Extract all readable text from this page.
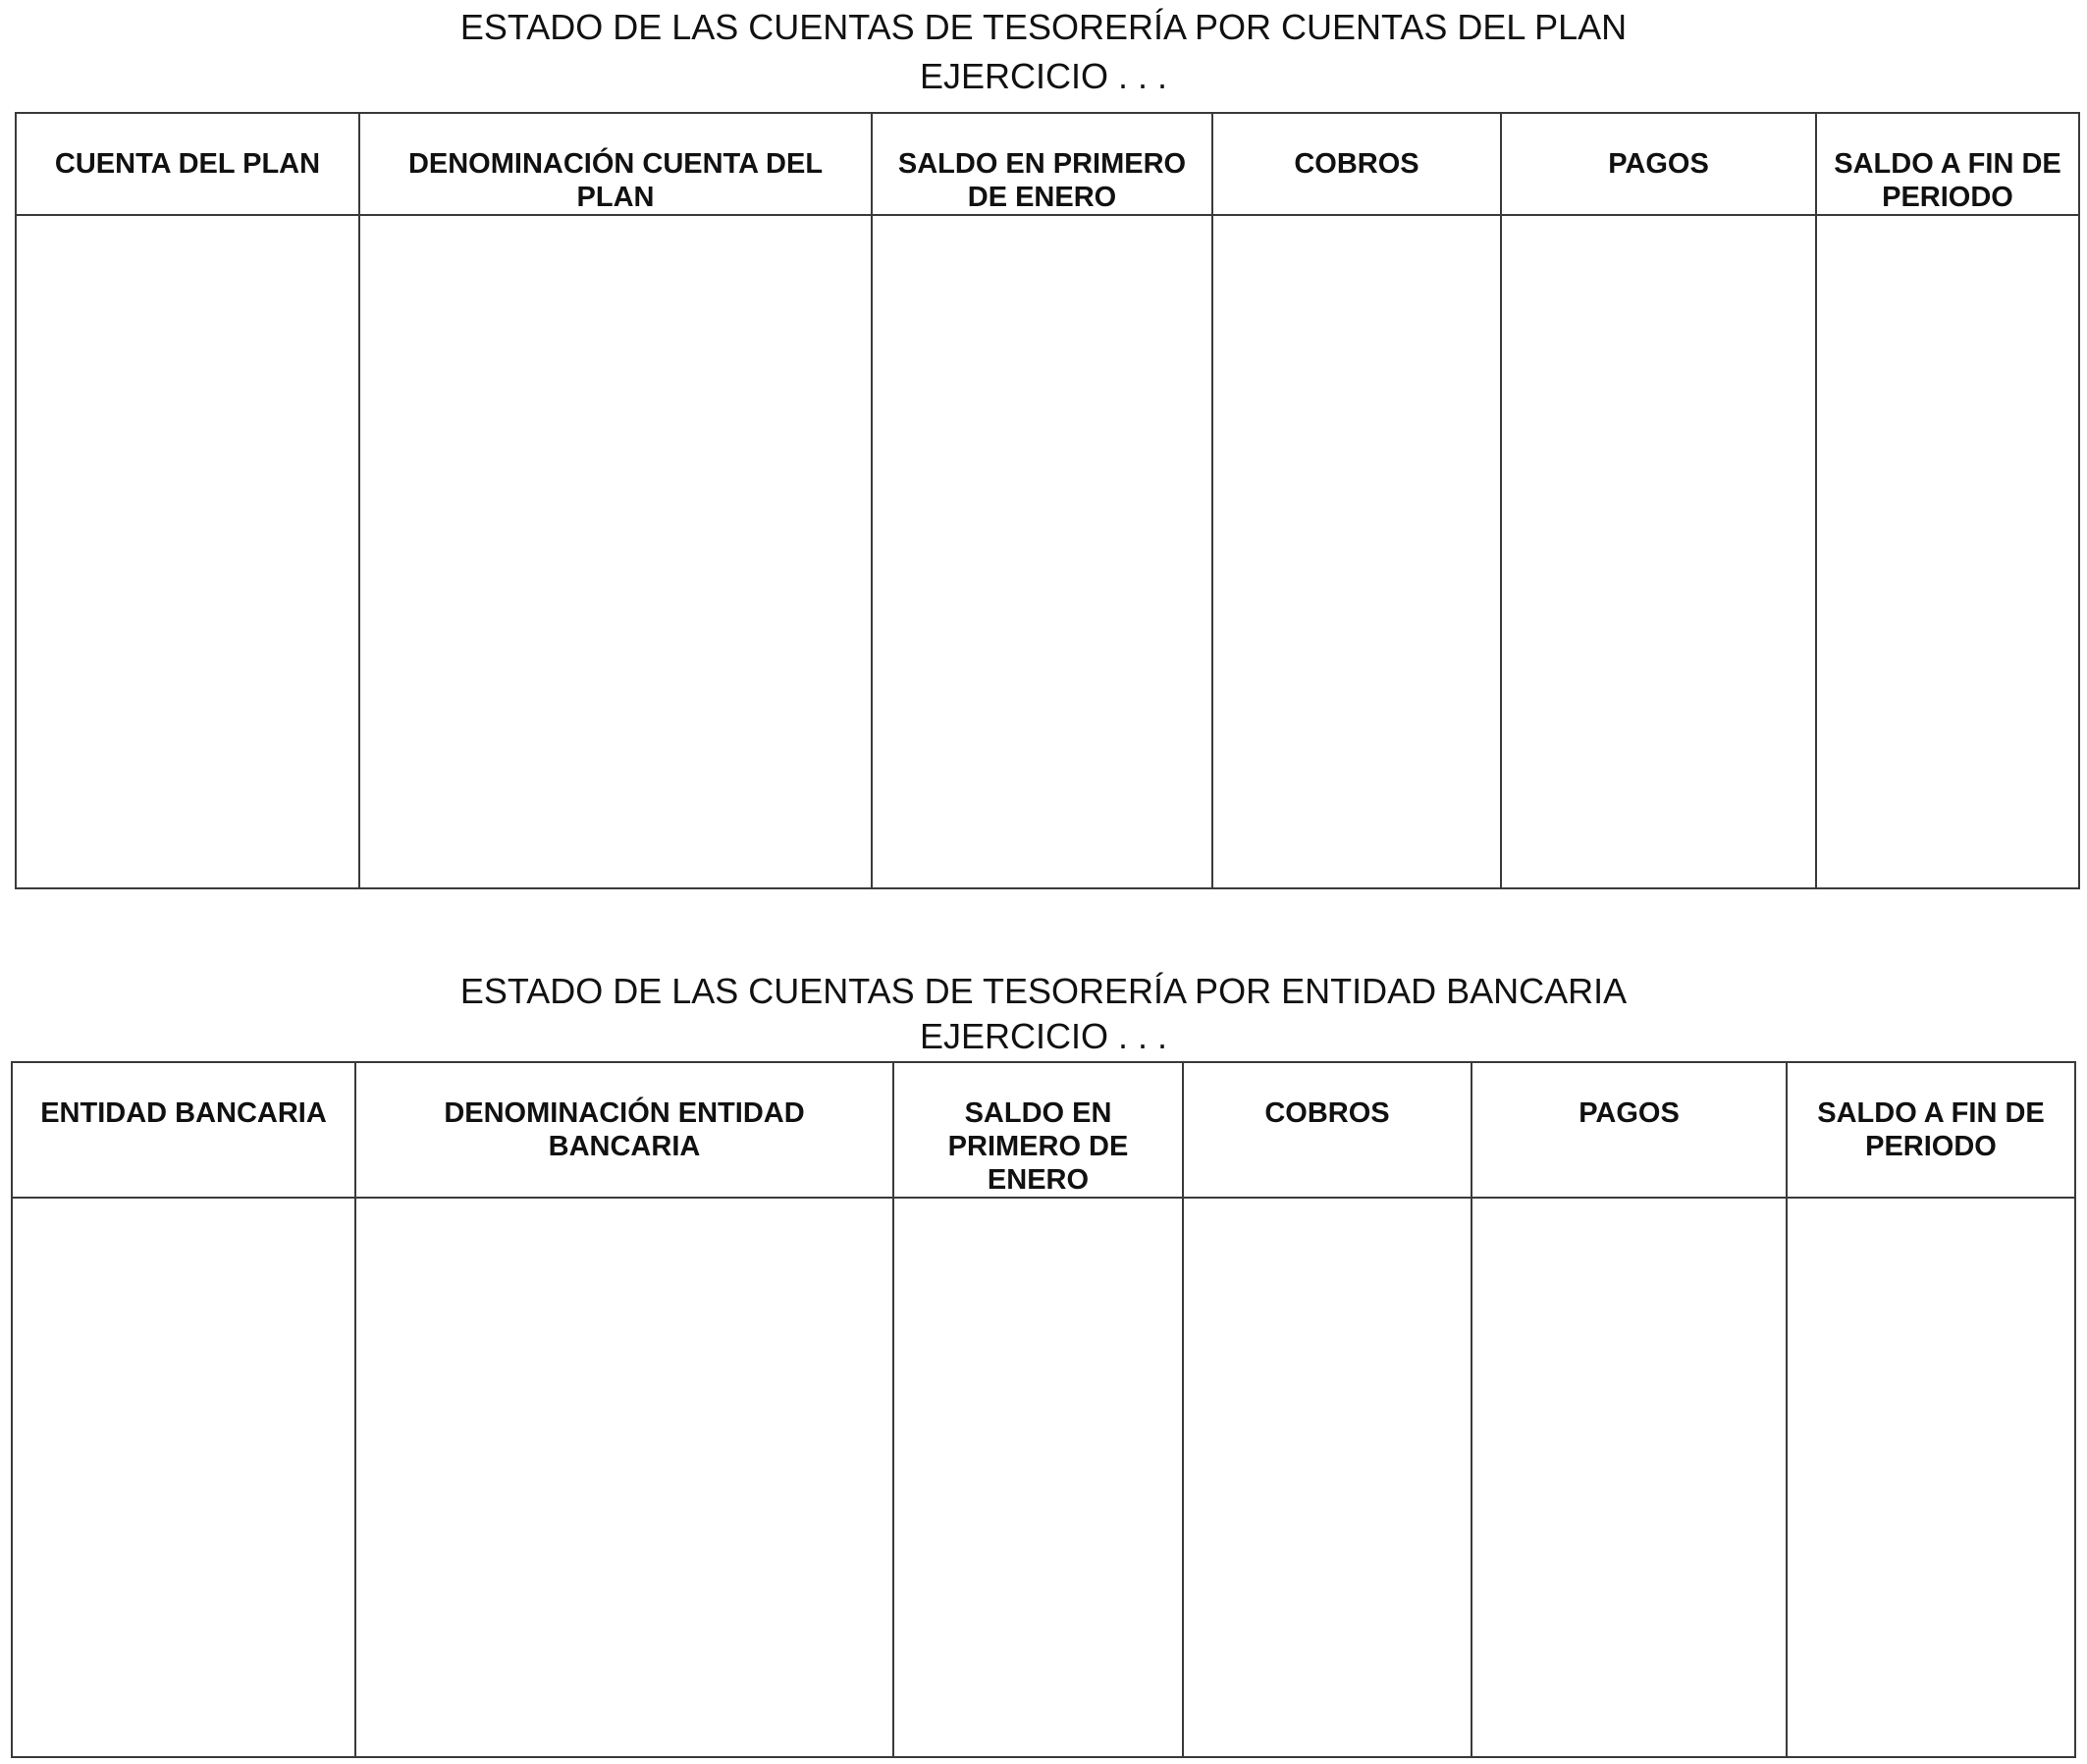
ESTADO DE LAS CUENTAS DE TESORERÍA POR CUENTAS DEL PLAN
EJERCICIO . . .
CUENTA DEL PLAN	DENOMINACIÓN CUENTA DEL PLAN	SALDO EN PRIMERO DE ENERO	COBROS	PAGOS	SALDO A FIN DE PERIODO

ESTADO DE LAS CUENTAS DE TESORERÍA POR ENTIDAD BANCARIA
EJERCICIO . . .
ENTIDAD BANCARIA	DENOMINACIÓN ENTIDAD BANCARIA	SALDO EN PRIMERO DE ENERO	COBROS	PAGOS	SALDO A FIN DE PERIODO
